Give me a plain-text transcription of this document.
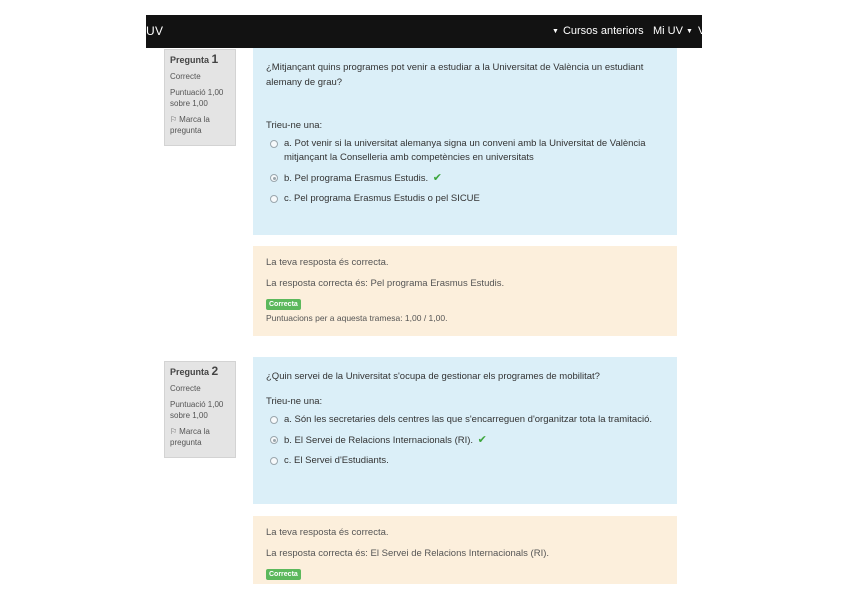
UV	▼ Cursos anteriors Mi UV ▼ V
Pregunta 1
Correcte
Puntuació 1,00 sobre 1,00
⚐ Marca la pregunta
¿Mitjançant quins programes pot venir a estudiar a la Universitat de València un estudiant alemany de grau?
Trieu-ne una:
a. Pot venir si la universitat alemanya signa un conveni amb la Universitat de València mitjançant la Conselleria amb competències en universitats
b. Pel programa Erasmus Estudis. ✔
c. Pel programa Erasmus Estudis o pel SICUE
La teva resposta és correcta.
La resposta correcta és: Pel programa Erasmus Estudis.
Correcta
Puntuacions per a aquesta tramesa: 1,00 / 1,00.
Pregunta 2
Correcte
Puntuació 1,00 sobre 1,00
⚐ Marca la pregunta
¿Quin servei de la Universitat s'ocupa de gestionar els programes de mobilitat?
Trieu-ne una:
a. Són les secretaries dels centres las que s'encarreguen d'organitzar tota la tramitació.
b. El Servei de Relacions Internacionals (RI). ✔
c. El Servei d'Estudiants.
La teva resposta és correcta.
La resposta correcta és: El Servei de Relacions Internacionals (RI).
Correcta
